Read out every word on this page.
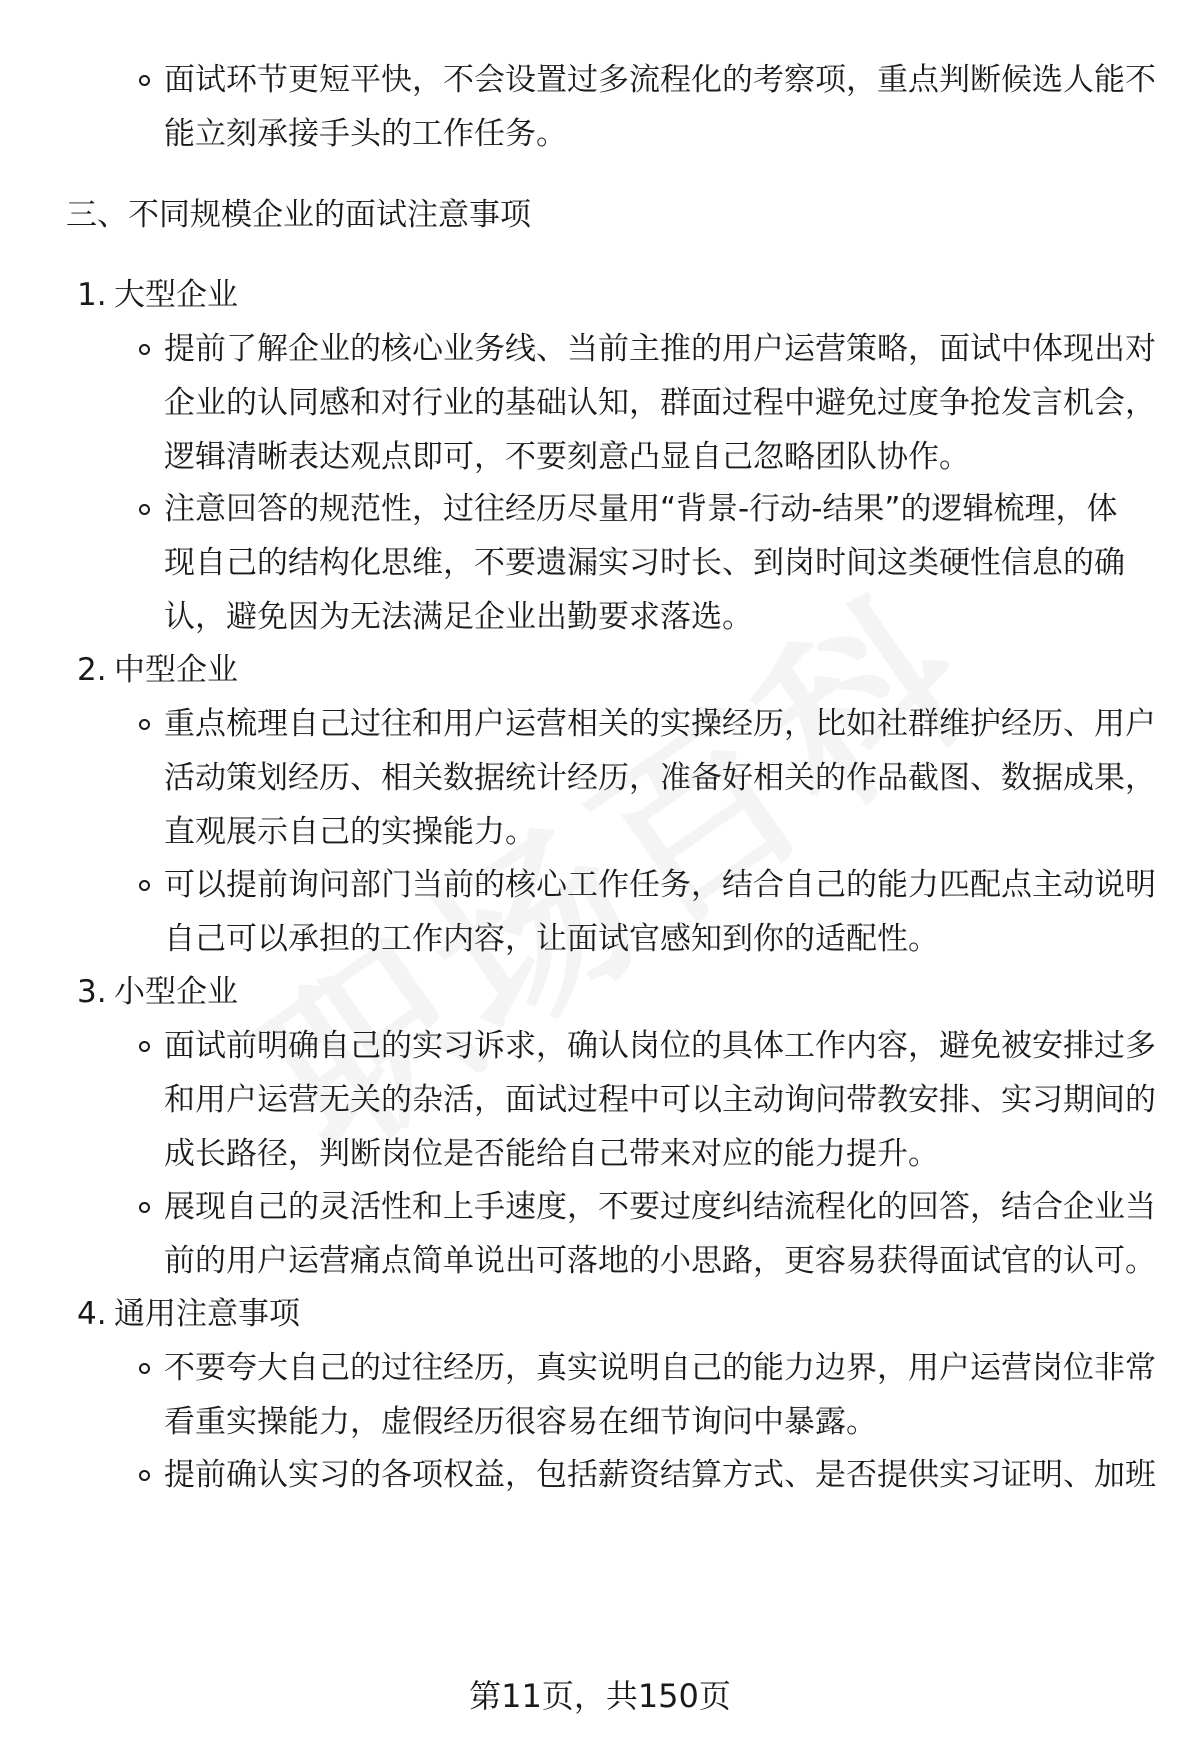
面试环节更短平快，不会设置过多流程化的考察项，重点判断候选人能不
能立刻承接手头的工作任务。
三、不同规模企业的面试注意事项
1. 大型企业
提前了解企业的核心业务线、当前主推的用户运营策略，面试中体现出对
企业的认同感和对行业的基础认知，群面过程中避免过度争抢发言机会，
逻辑清晰表达观点即可，不要刻意凸显自己忽略团队协作。
注意回答的规范性，过往经历尽量用“背景-行动-结果”的逻辑梳理，体
现自己的结构化思维，不要遗漏实习时长、到岗时间这类硬性信息的确
认，避免因为无法满足企业出勤要求落选。
2. 中型企业
重点梳理自己过往和用户运营相关的实操经历，比如社群维护经历、用户
活动策划经历、相关数据统计经历，准备好相关的作品截图、数据成果，
直观展示自己的实操能力。
可以提前询问部门当前的核心工作任务，结合自己的能力匹配点主动说明
自己可以承担的工作内容，让面试官感知到你的适配性。
3. 小型企业
面试前明确自己的实习诉求，确认岗位的具体工作内容，避免被安排过多
和用户运营无关的杂活，面试过程中可以主动询问带教安排、实习期间的
成长路径，判断岗位是否能给自己带来对应的能力提升。
展现自己的灵活性和上手速度，不要过度纠结流程化的回答，结合企业当
前的用户运营痛点简单说出可落地的小思路，更容易获得面试官的认可。
4. 通用注意事项
不要夸大自己的过往经历，真实说明自己的能力边界，用户运营岗位非常
看重实操能力，虚假经历很容易在细节询问中暴露。
提前确认实习的各项权益，包括薪资结算方式、是否提供实习证明、加班
第11页，共150页
